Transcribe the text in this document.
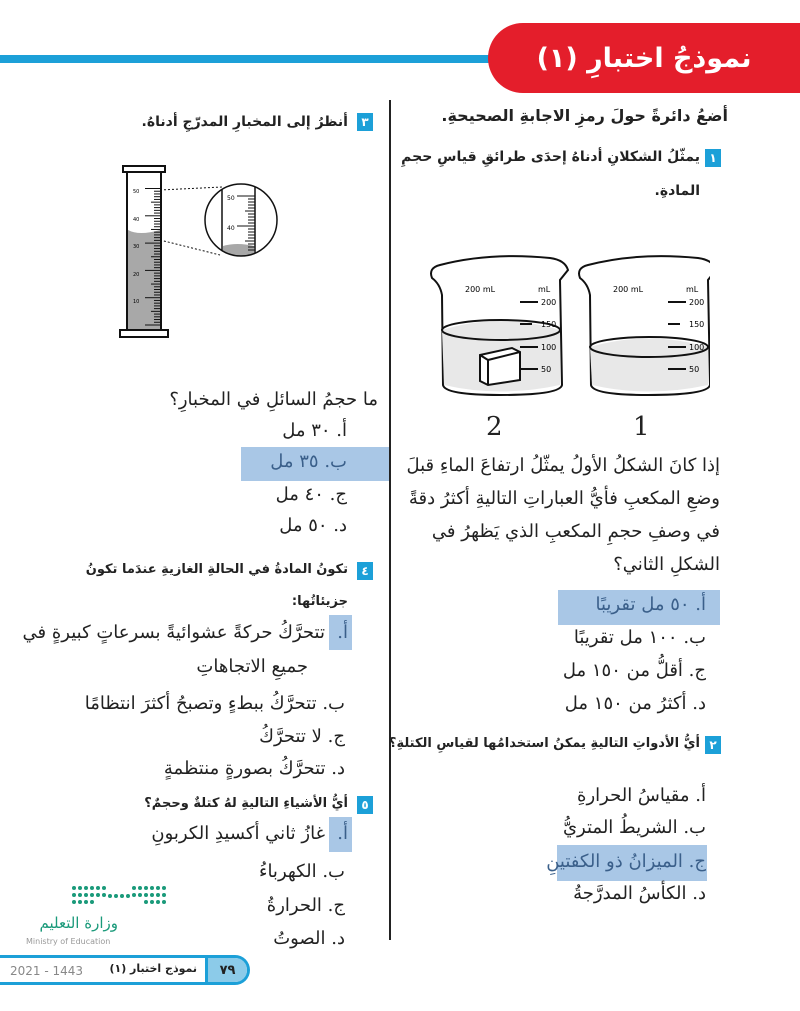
نموذجُ اختبارِ (١)
أضعُ دائرةً حولَ رمزِ الاجابةِ الصحيحةِ.
١
يمثّلُ الشكلانِ أدناهُ إحدَى طرائقِ قياسِ حجمِ
المادةِ.
200 mL	mL
200
150
100
50
200 mL	mL
200
150
100
50
2	1
إذا كانَ الشكلُ الأولُ يمثّلُ ارتفاعَ الماءِ قبلَ
وضعِ المكعبِ فأيُّ العباراتِ التاليةِ أكثرُ دقةً
في وصفِ حجمِ المكعبِ الذي يَظهرُ في
الشكلِ الثاني؟
أ. ٥٠ مل تقريبًا
ب. ١٠٠ مل تقريبًا
ج. أقلُّ من ١٥٠ مل
د. أكثرُ من ١٥٠ مل
٢
أيُّ الأدواتِ التاليةِ يمكنُ استخدامُها لقياسِ الكتلةِ؟
أ. مقياسُ الحرارةِ
ب. الشريطُ المتريُّ
ج. الميزانُ ذو الكفتينِ
د. الكأسُ المدرَّجةُ
٣
أنظرُ إلى المخبارِ المدرّجِ أدناهُ.
50
40
30
20
10
50
40
ما حجمُ السائلِ في المخبارِ؟
أ. ٣٠ مل
ب. ٣٥ مل
ج. ٤٠ مل
د. ٥٠ مل
٤
تكونُ المادةُ في الحالةِ الغازيةِ عندَما تكونُ
جزيئاتُها:
أ.
تتحرَّكُ حركةً عشوائيةً بسرعاتٍ كبيرةٍ في
جميعِ الاتجاهاتِ
ب. تتحرَّكُ ببطءٍ وتصبحُ أكثرَ انتظامًا
ج. لا تتحرَّكُ
د. تتحرَّكُ بصورةٍ منتظمةٍ
٥
أيُّ الأشياءِ التاليةِ لهُ كتلةٌ وحجمٌ؟
أ.
غازُ ثاني أكسيدِ الكربونِ
ب. الكهرباءُ
ج. الحرارةُ
د. الصوتُ
وزارة التعليم
Ministry of Education
٧٩
نموذج اختبار (١)
2021 - 1443
